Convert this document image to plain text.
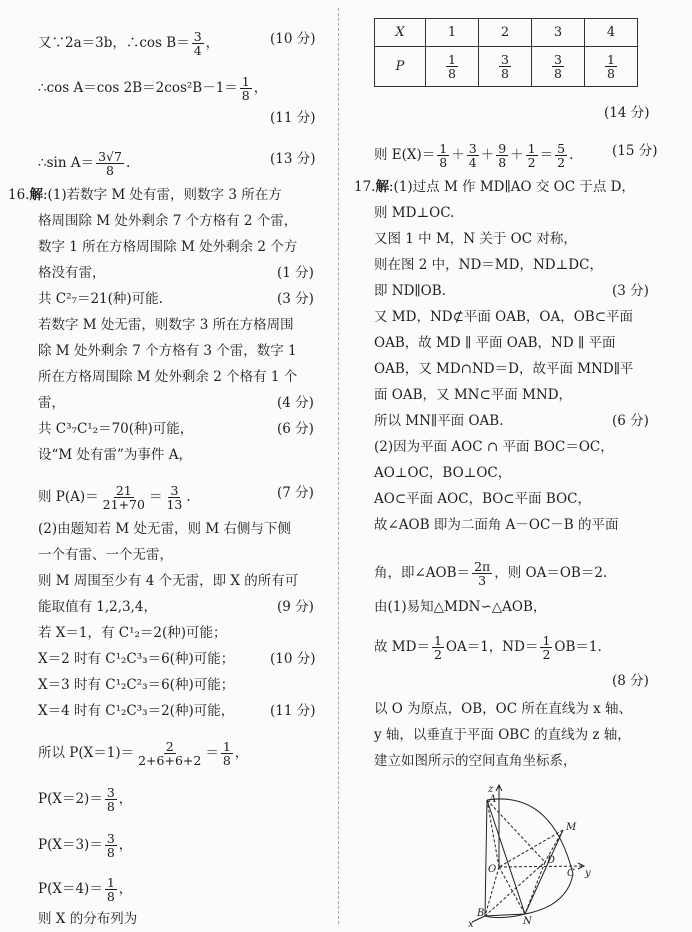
又∵2a＝3b，∴cos $B= \frac{3}{4}$ ，	(10 分)
∴cos A＝cos $2B=2\cos^2B-1= \frac{1}{8}$ ，
(11 分)
∴sin $A= \frac{3√7}{8}$ .	(13 分)
16.解:(1)若数字 M 处有雷，则数字 3 所在方
格周围除 M 处外剩余 7 个方格有 2 个雷，
数字 1 所在方格周围除 M 处外剩余 2 个方
格没有雷，	(1 分)
共 C²₇＝21(种)可能.	(3 分)
若数字 M 处无雷，则数字 3 所在方格周围
除 M 处外剩余 7 个方格有 3 个雷，数字 1
所在方格周围除 M 处外剩余 2 个格有 1 个
雷，	(4 分)
共 C³₇C¹₂＝70(种)可能，	(6 分)
设“M 处有雷”为事件 A，
则 $P(A)= \frac{21}{21+70} = \frac{3}{13}$ .	(7 分)
(2)由题知若 M 处无雷，则 M 右侧与下侧
一个有雷、一个无雷，
则 M 周围至少有 4 个无雷，即 X 的所有可
能取值有 1,2,3,4，	(9 分)
若 X＝1，有 C¹₂＝2(种)可能；
X＝2 时有 C¹₂C³₃＝6(种)可能；	(10 分)
X＝3 时有 C¹₂C²₃＝6(种)可能；
X＝4 时有 C¹₂C³₃＝2(种)可能，	(11 分)
所以 $P(X=1)= \frac{2}{2+6+6+2} = \frac{1}{8}$ ，
$P(X=2)= \frac{3}{8}$ ，
$P(X=3)= \frac{3}{8}$ ，
$P(X=4)= \frac{1}{8}$ ，
则 X 的分布列为
X	1	2	3	4
P	$\frac{1}{8}$	$\frac{3}{8}$	$\frac{3}{8}$	$\frac{1}{8}$
(14 分)
则 $E(X)= \frac{1}{8} + \frac{3}{4} + \frac{9}{8} + \frac{1}{2} = \frac{5}{2}$ .	(15 分)
17.解:(1)过点 M 作 MD∥AO 交 OC 于点 D，
则 MD⊥OC.
又图 1 中 M，N 关于 OC 对称，
则在图 2 中，ND＝MD，ND⊥DC，
即 ND∥OB.	(3 分)
又 MD，ND⊄平面 OAB，OA，OB⊂平面
OAB，故 MD ∥ 平面 OAB，ND ∥ 平面
OAB，又 MD∩ND＝D，故平面 MND∥平
面 OAB，又 MN⊂平面 MND，
所以 MN∥平面 OAB.	(6 分)
(2)因为平面 AOC ∩ 平面 BOC＝OC，
AO⊥OC，BO⊥OC，
AO⊂平面 AOC，BO⊂平面 BOC，
故∠AOB 即为二面角 A－OC－B 的平面
角，即∠AOB＝ $\frac{2\pi}{3}$ ，则 OA＝OB＝2.
由(1)易知△MDN∽△AOB，
故 $MD= \frac{1}{2} OA=1$，$ND= \frac{1}{2} OB=1$.
(8 分)
以 O 为原点，OB，OC 所在直线为 x 轴、
y 轴，以垂直于平面 OBC 的直线为 z 轴，
建立如图所示的空间直角坐标系，
z
A
M
O
D
C y
B
N
x
